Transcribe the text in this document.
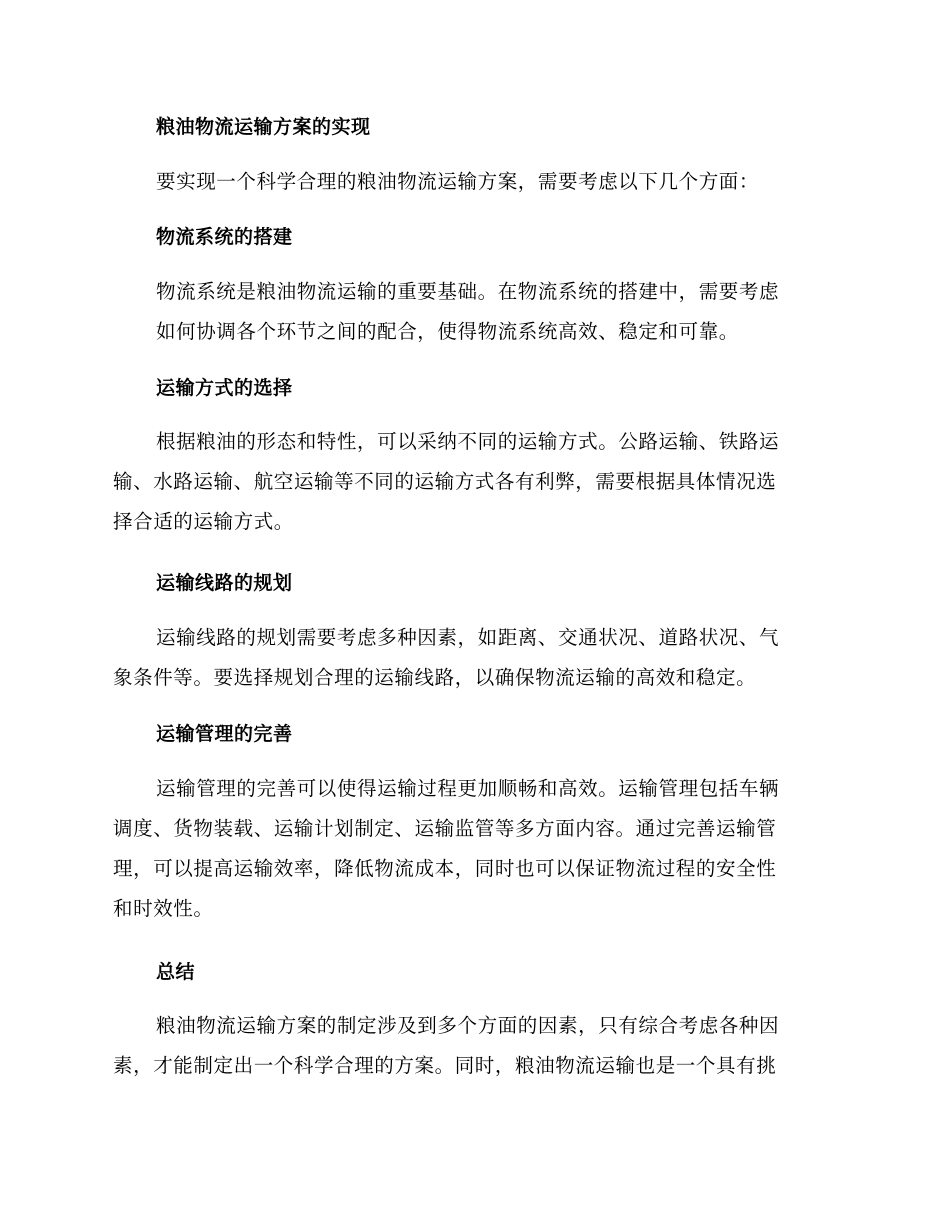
粮油物流运输方案的实现

要实现一个科学合理的粮油物流运输方案，需要考虑以下几个方面：

物流系统的搭建

物流系统是粮油物流运输的重要基础。在物流系统的搭建中，需要考虑
如何协调各个环节之间的配合，使得物流系统高效、稳定和可靠。

运输方式的选择

根据粮油的形态和特性，可以采纳不同的运输方式。公路运输、铁路运
输、水路运输、航空运输等不同的运输方式各有利弊，需要根据具体情况选
择合适的运输方式。

运输线路的规划

运输线路的规划需要考虑多种因素，如距离、交通状况、道路状况、气
象条件等。要选择规划合理的运输线路，以确保物流运输的高效和稳定。

运输管理的完善

运输管理的完善可以使得运输过程更加顺畅和高效。运输管理包括车辆
调度、货物装载、运输计划制定、运输监管等多方面内容。通过完善运输管
理，可以提高运输效率，降低物流成本，同时也可以保证物流过程的安全性
和时效性。

总结

粮油物流运输方案的制定涉及到多个方面的因素，只有综合考虑各种因
素，才能制定出一个科学合理的方案。同时，粮油物流运输也是一个具有挑
